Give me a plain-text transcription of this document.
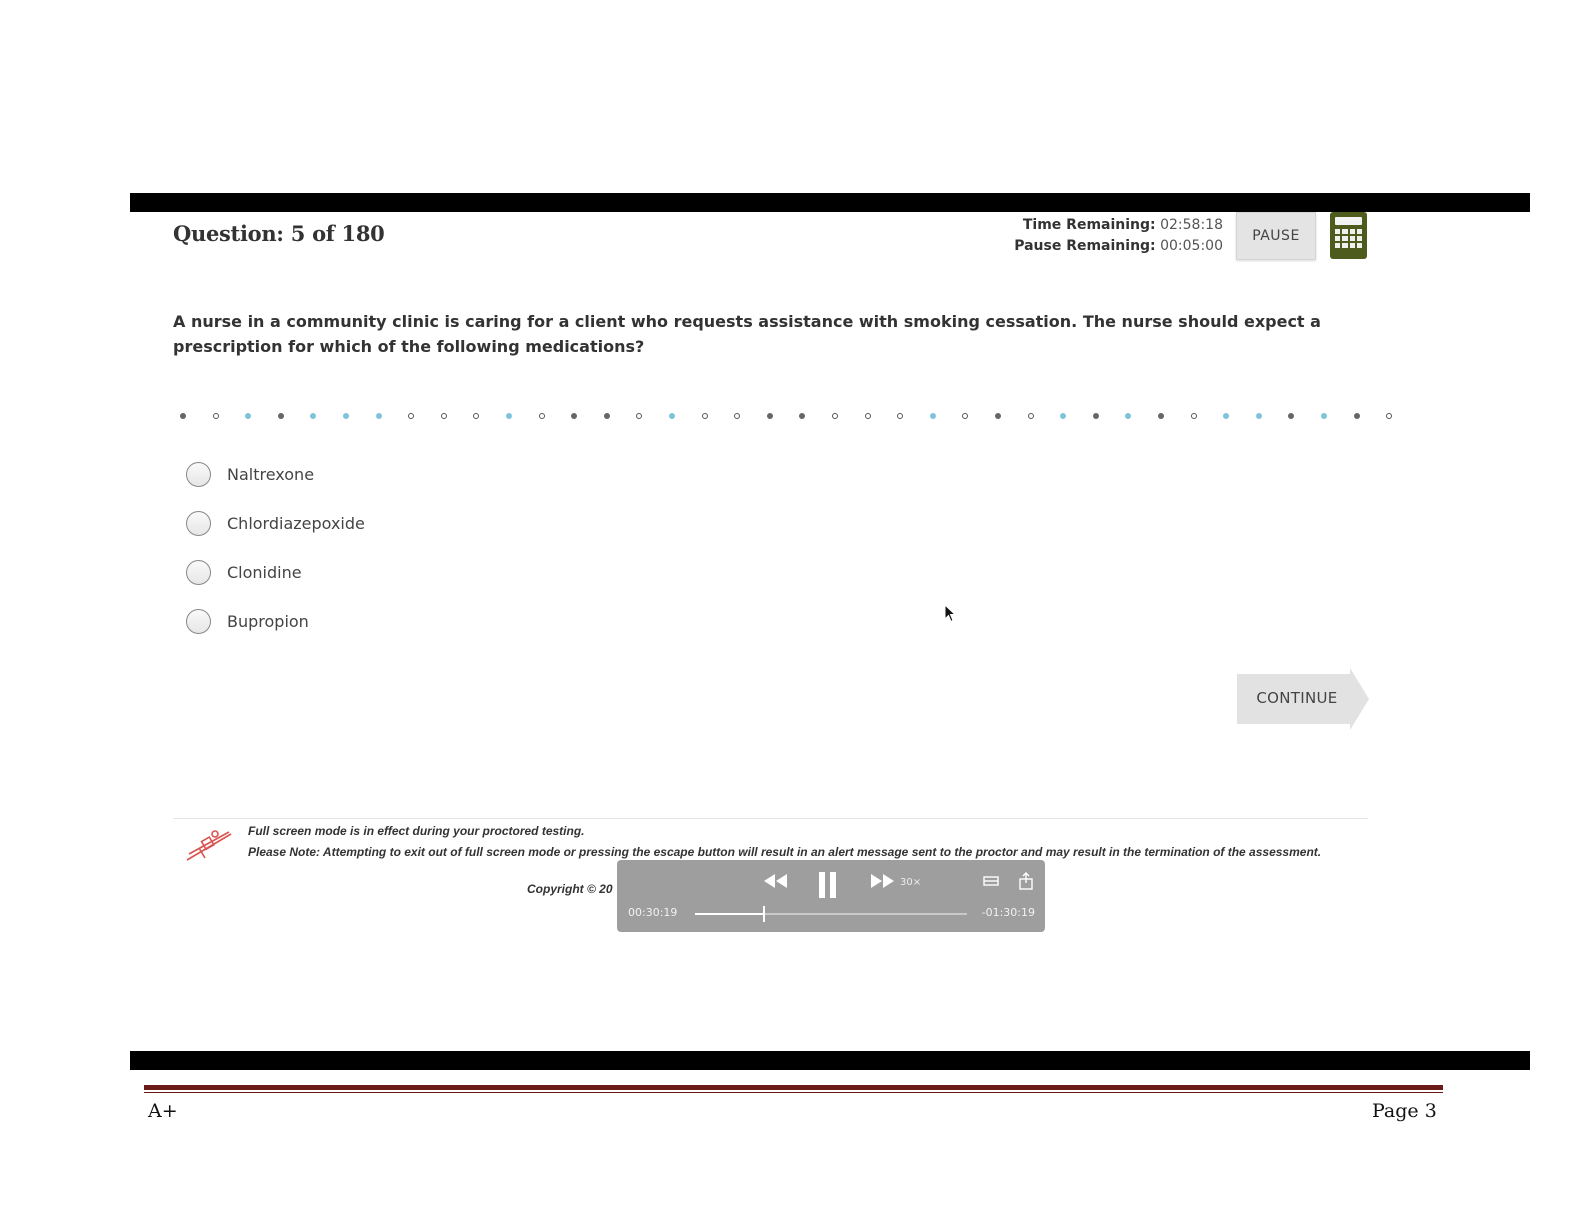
Question: 5 of 180	Time Remaining: 02:58:18
Pause Remaining: 00:05:00
PAUSE
A nurse in a community clinic is caring for a client who requests assistance with smoking cessation. The nurse should expect a prescription for which of the following medications?
Naltrexone
Chlordiazepoxide
Clonidine
Bupropion
CONTINUE

Full screen mode is in effect during your proctored testing.

Please Note: Attempting to exit out of full screen mode or pressing the escape button will result in an alert message sent to the proctor and may result in the termination of the assessment.

Copyright © 20	30×
00:30:19	-01:30:19
A+	Page 3
